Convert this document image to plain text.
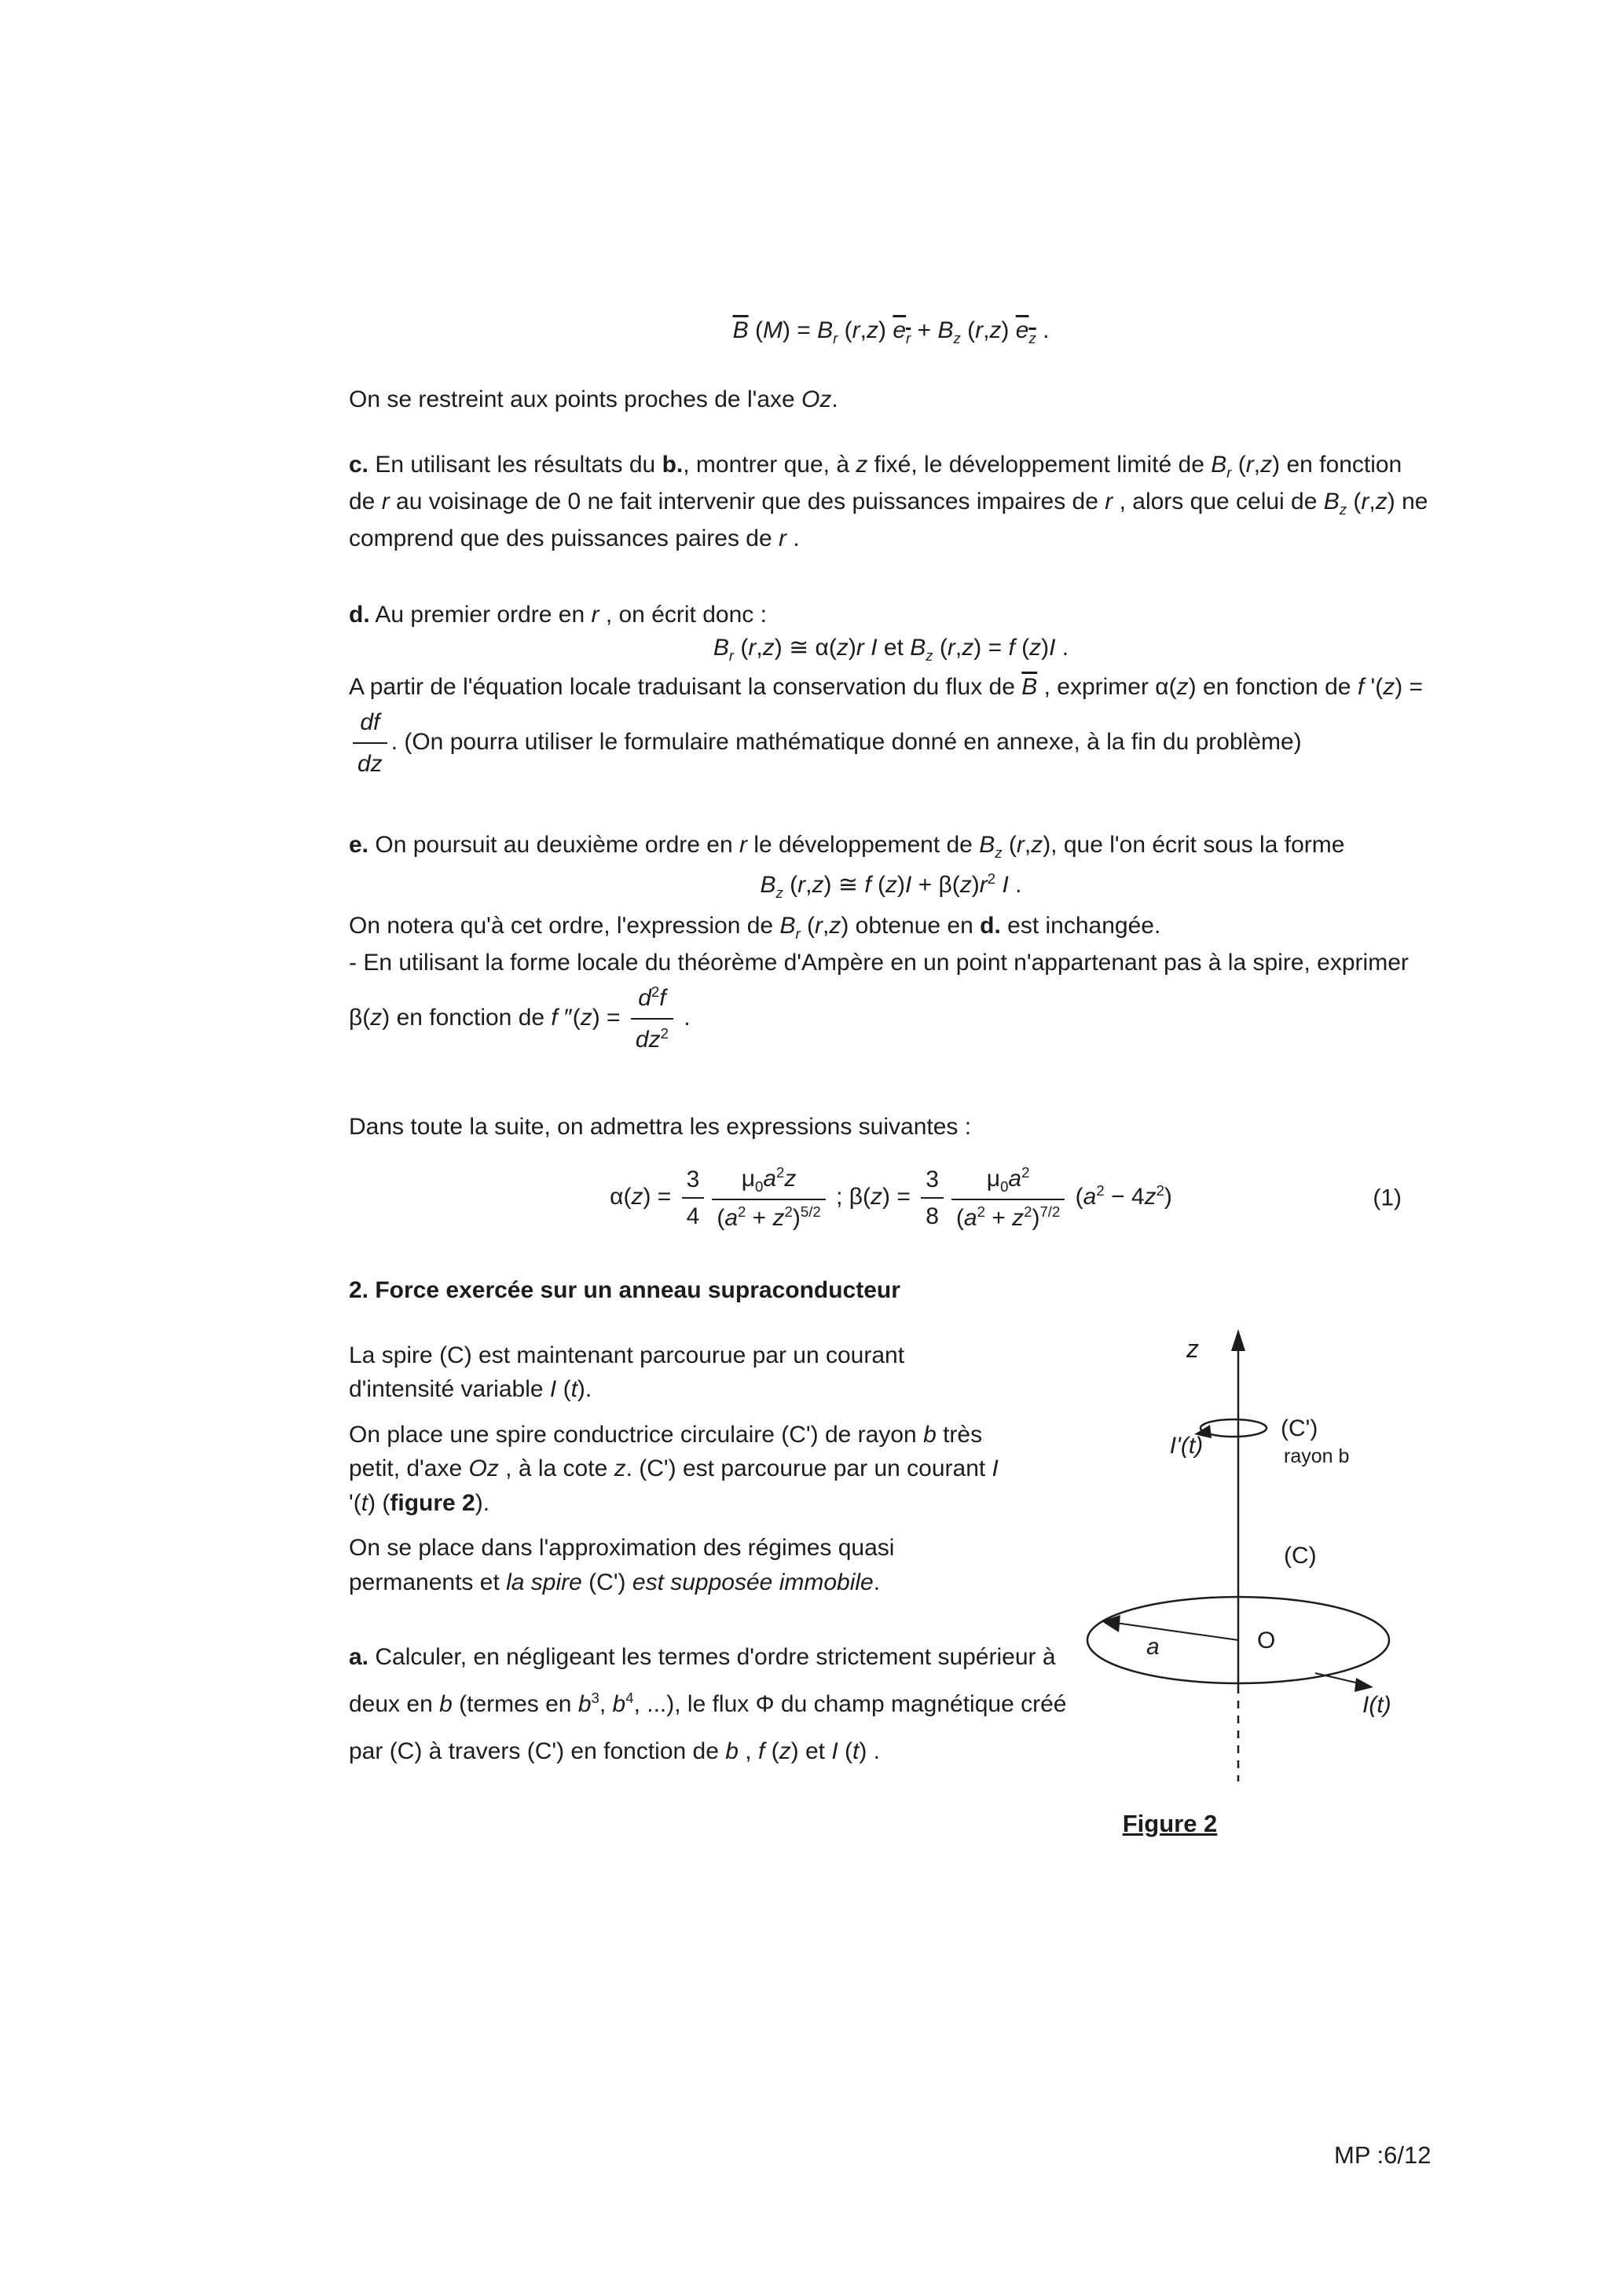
$\overline{B}$ $(M) = B_r$ (r,z) $e_r + B_z$ (r,z) $e_z$ .
On se restreint aux points proches de l'axe Oz.
c. En utilisant les résultats du b., montrer que, à z fixé, le développement limité de $B_r$ (r,z) en fonction de r au voisinage de 0 ne fait intervenir que des puissances impaires de r , alors que celui de $B_z$ (r,z) ne comprend que des puissances paires de r .
d. Au premier ordre en r , on écrit donc :
$B_r$ (r,z) ≅ α(z)r I et $B_z$ (r,z) = f (z)I .
A partir de l'équation locale traduisant la conservation du flux de $\overline{B}$ , exprimer α(z) en fonction de f '(z) =
$\frac{df}{dz}$ . (On pourra utiliser le formulaire mathématique donné en annexe, à la fin du problème)
e. On poursuit au deuxième ordre en r le développement de $B_z$ (r,z), que l'on écrit sous la forme
$B_z$ (r,z) ≅ f $(z)I + \beta(z)r^2$ I .
On notera qu'à cet ordre, l'expression de $B_r$ (r,z) obtenue en d. est inchangée.
- En utilisant la forme locale du théorème d'Ampère en un point n'appartenant pas à la spire, exprimer β(z) en fonction de f $''(z) = \frac{d^2f}{dz^2}$ .
Dans toute la suite, on admettra les expressions suivantes :
$\alpha(z) = \frac{3}{4} \frac{\mu_0a^2z}{(a^2 + z^2)^{5/2}}$ ; $\beta(z) = \frac{3}{8} \frac{\mu_0a^2}{(a^2 + z^2)^{7/2}} (a^2 - 4z^2)$	(1)
2. Force exercée sur un anneau supraconducteur
La spire (C) est maintenant parcourue par un courant d'intensité variable I (t).
On place une spire conductrice circulaire (C') de rayon b très petit, d'axe Oz , à la cote z. (C') est parcourue par un courant I '(t) (figure 2).
On se place dans l'approximation des régimes quasi permanents et la spire (C') est supposée immobile.
a. Calculer, en négligeant les termes d'ordre strictement supérieur à deux en b (termes en $b^3$, $b^4$, ...), le flux Φ du champ magnétique créé par (C) à travers (C') en fonction de b , f (z) et I (t) .
z
(C')
rayon b
I'(t)
(C)
O
a
I(t)
Figure 2
MP :6/12
